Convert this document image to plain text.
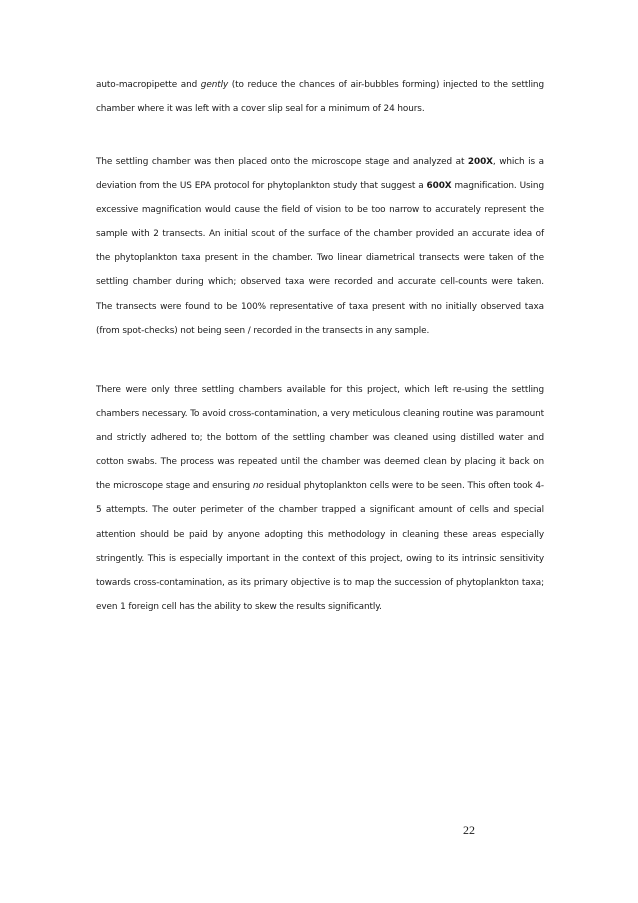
auto-macropipette and gently (to reduce the chances of air-bubbles forming) injected to the settling chamber where it was left with a cover slip seal for a minimum of 24 hours.

The settling chamber was then placed onto the microscope stage and analyzed at 200X, which is a deviation from the US EPA protocol for phytoplankton study that suggest a 600X magnification. Using excessive magnification would cause the field of vision to be too narrow to accurately represent the sample with 2 transects. An initial scout of the surface of the chamber provided an accurate idea of the phytoplankton taxa present in the chamber. Two linear diametrical transects were taken of the settling chamber during which; observed taxa were recorded and accurate cell-counts were taken. The transects were found to be 100% representative of taxa present with no initially observed taxa (from spot-checks) not being seen / recorded in the transects in any sample.

There were only three settling chambers available for this project, which left re-using the settling chambers necessary. To avoid cross-contamination, a very meticulous cleaning routine was paramount and strictly adhered to; the bottom of the settling chamber was cleaned using distilled water and cotton swabs. The process was repeated until the chamber was deemed clean by placing it back on the microscope stage and ensuring no residual phytoplankton cells were to be seen. This often took 4-5 attempts. The outer perimeter of the chamber trapped a significant amount of cells and special attention should be paid by anyone adopting this methodology in cleaning these areas especially stringently. This is especially important in the context of this project, owing to its intrinsic sensitivity towards cross-contamination, as its primary objective is to map the succession of phytoplankton taxa; even 1 foreign cell has the ability to skew the results significantly.

22
